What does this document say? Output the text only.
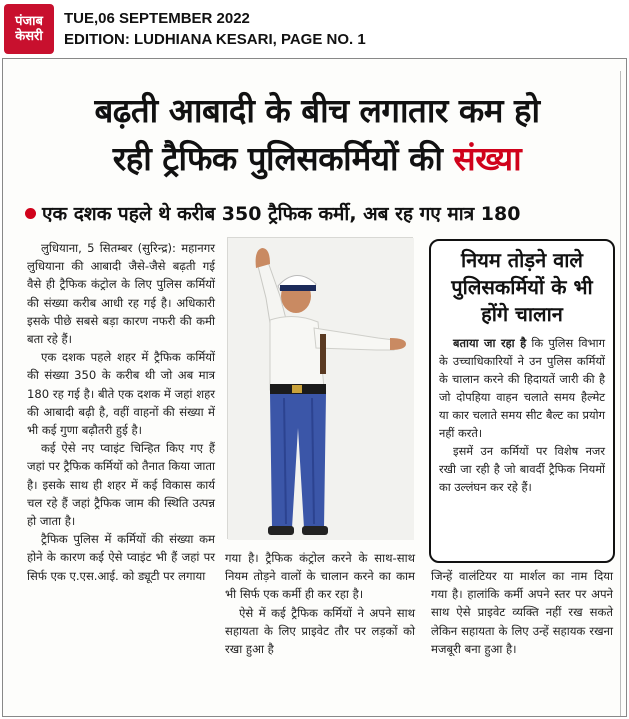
पंजाब
केसरी
TUE,06 SEPTEMBER 2022
EDITION: LUDHIANA KESARI, PAGE NO. 1
बढ़ती आबादी के बीच लगातार कम हो
रही ट्रैफिक पुलिसकर्मियों की संख्या
एक दशक पहले थे करीब 350 ट्रैफिक कर्मी, अब रह गए मात्र 180

लुधियाना, 5 सितम्बर (सुरिन्द्र): महानगर लुधियाना की आबादी जैसे-जैसे बढ़ती गई वैसे ही ट्रैफिक कंट्रोल के लिए पुलिस कर्मियों की संख्या करीब आधी रह गई है। अधिकारी इसके पीछे सबसे बड़ा कारण नफरी की कमी बता रहे हैं।

एक दशक पहले शहर में ट्रैफिक कर्मियों की संख्या 350 के करीब थी जो अब मात्र 180 रह गई है। बीते एक दशक में जहां शहर की आबादी बढ़ी है, वहीं वाहनों की संख्या में भी कई गुणा बढ़ौतरी हुई है।

कई ऐसे नए प्वाइंट चिन्हित किए गए हैं जहां पर ट्रैफिक कर्मियों को तैनात किया जाता है। इसके साथ ही शहर में कई विकास कार्य चल रहे हैं जहां ट्रैफिक जाम की स्थिति उत्पन्न हो जाता है।

ट्रैफिक पुलिस में कर्मियों की संख्या कम होने के कारण कई ऐसे प्वाइंट भी हैं जहां पर सिर्फ एक ए.एस.आई. को ड्यूटी पर लगाया

गया है। ट्रैफिक कंट्रोल करने के साथ-साथ नियम तोड़ने वालों के चालान करने का काम भी सिर्फ एक कर्मी ही कर रहा है।

ऐसे में कई ट्रैफिक कर्मियों ने अपने साथ सहायता के लिए प्राइवेट तौर पर लड़कों को रखा हुआ है

नियम तोड़ने वाले पुलिसकर्मियों के भी होंगे चालान

बताया जा रहा है कि पुलिस विभाग के उच्चाधिकारियों ने उन पुलिस कर्मियों के चालान करने की हिदायतें जारी की है जो दोपहिया वाहन चलाते समय हैल्मेट या कार चलाते समय सीट बैल्ट का प्रयोग नहीं करते।

इसमें उन कर्मियों पर विशेष नजर रखी जा रही है जो बावर्दी ट्रैफिक नियमों का उल्लंघन कर रहे हैं।

जिन्हें वालंटियर या मार्शल का नाम दिया गया है। हालांकि कर्मी अपने स्तर पर अपने साथ ऐसे प्राइवेट व्यक्ति नहीं रख सकते लेकिन सहायता के लिए उन्हें सहायक रखना मजबूरी बना हुआ है।
